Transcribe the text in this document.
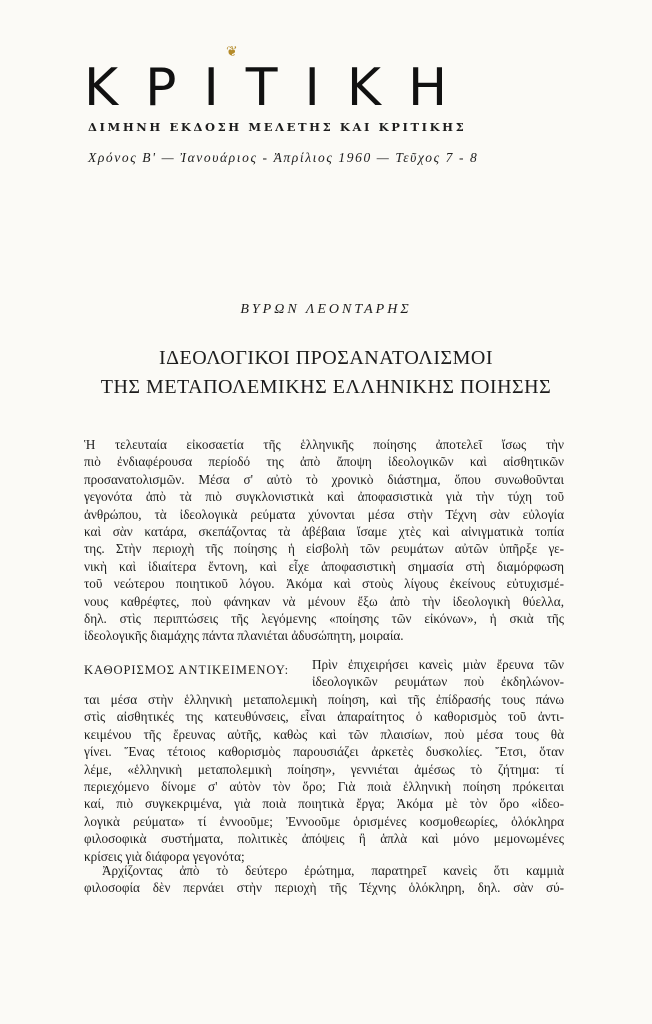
❦
ΚΡΙΤΙΚΗ
ΔΙΜΗΝΗ ΕΚΔΟΣΗ ΜΕΛΕΤΗΣ ΚΑΙ ΚΡΙΤΙΚΗΣ
Χρόνος Β' — Ἰανουάριος - Ἀπρίλιος 1960 — Τεῦχος 7 - 8
ΒΥΡΩΝ ΛΕΟΝΤΑΡΗΣ
ΙΔΕΟΛΟΓΙΚΟΙ ΠΡΟΣΑΝΑΤΟΛΙΣΜΟΙ
ΤΗΣ ΜΕΤΑΠΟΛΕΜΙΚΗΣ ΕΛΛΗΝΙΚΗΣ ΠΟΙΗΣΗΣ
Ἡ τελευταία εἰκοσαετία τῆς ἑλληνικῆς ποίησης ἀποτελεῖ ἴσως τὴν
πιὸ ἐνδιαφέρουσα περίοδό της ἀπὸ ἄποψη ἰδεολογικῶν καὶ αἰσθητικῶν
προσανατολισμῶν. Μέσα σ' αὐτὸ τὸ χρονικὸ διάστημα, ὅπου συνωθοῦνται
γεγονότα ἀπὸ τὰ πιὸ συγκλονιστικὰ καὶ ἀποφασιστικὰ γιὰ τὴν τύχη τοῦ
ἀνθρώπου, τὰ ἰδεολογικὰ ρεύματα χύνονται μέσα στὴν Τέχνη σὰν εὐλογία
καὶ σὰν κατάρα, σκεπάζοντας τὰ ἀβέβαια ἴσαμε χτὲς καὶ αἰνιγματικὰ τοπία
της. Στὴν περιοχὴ τῆς ποίησης ἡ εἰσβολὴ τῶν ρευμάτων αὐτῶν ὑπῆρξε γε-
νικὴ καὶ ἰδιαίτερα ἔντονη, καὶ εἶχε ἀποφασιστικὴ σημασία στὴ διαμόρφωση
τοῦ νεώτερου ποιητικοῦ λόγου. Ἀκόμα καὶ στοὺς λίγους ἐκείνους εὐτυχισμέ-
νους καθρέφτες, ποὺ φάνηκαν νὰ μένουν ἔξω ἀπὸ τὴν ἰδεολογικὴ θύελλα,
δηλ. στὶς περιπτώσεις τῆς λεγόμενης «ποίησης τῶν εἰκόνων», ἡ σκιὰ τῆς
ἰδεολογικῆς διαμάχης πάντα πλανιέται ἀδυσώπητη, μοιραία.
ΚΑΘΟΡΙΣΜΟΣ ΑΝΤΙΚΕΙΜΕΝΟΥ: Πρὶν ἐπιχειρήσει κανεὶς μιὰν ἔρευνα τῶν
ἰδεολογικῶν ρευμάτων ποὺ ἐκδηλώνον-
ται μέσα στὴν ἑλληνικὴ μεταπολεμικὴ ποίηση, καὶ τῆς ἐπίδρασής τους πάνω
στὶς αἰσθητικές της κατευθύνσεις, εἶναι ἀπαραίτητος ὁ καθορισμὸς τοῦ ἀντι-
κειμένου τῆς ἔρευνας αὐτῆς, καθὼς καὶ τῶν πλαισίων, ποὺ μέσα τους θὰ
γίνει. Ἕνας τέτοιος καθορισμὸς παρουσιάζει ἀρκετὲς δυσκολίες. Ἔτσι, ὅταν
λέμε, «ἑλληνικὴ μεταπολεμικὴ ποίηση», γεννιέται ἀμέσως τὸ ζήτημα: τί
περιεχόμενο δίνομε σ' αὐτὸν τὸν ὅρο; Γιὰ ποιὰ ἑλληνικὴ ποίηση πρόκειται
καί, πιὸ συγκεκριμένα, γιὰ ποιὰ ποιητικὰ ἔργα; Ἀκόμα μὲ τὸν ὅρο «ἰδεο-
λογικὰ ρεύματα» τί ἐννοοῦμε; Ἐννοοῦμε ὁρισμένες κοσμοθεωρίες, ὁλόκληρα
φιλοσοφικὰ συστήματα, πολιτικὲς ἀπόψεις ἢ ἁπλὰ καὶ μόνο μεμονωμένες
κρίσεις γιὰ διάφορα γεγονότα;
Ἀρχίζοντας ἀπὸ τὸ δεύτερο ἐρώτημα, παρατηρεῖ κανεὶς ὅτι καμμιὰ
φιλοσοφία δὲν περνάει στὴν περιοχὴ τῆς Τέχνης ὁλόκληρη, δηλ. σὰν σύ-
